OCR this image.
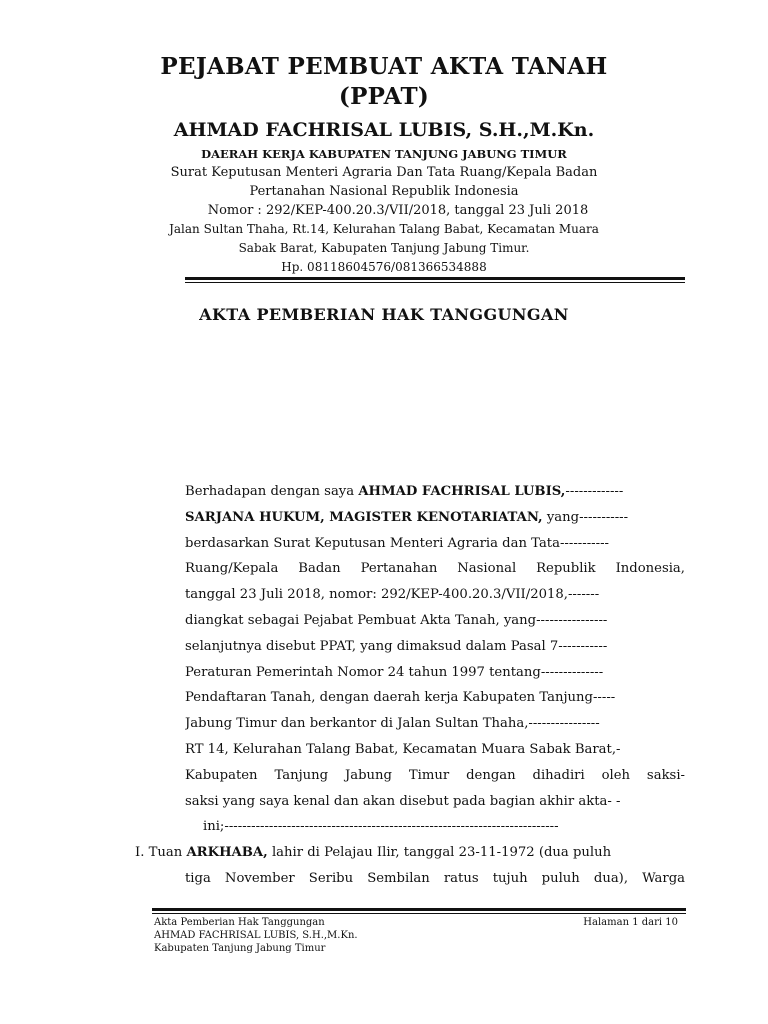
PEJABAT PEMBUAT AKTA TANAH
(PPAT)
AHMAD FACHRISAL LUBIS, S.H.,M.Kn.
DAERAH KERJA KABUPATEN TANJUNG JABUNG TIMUR
Surat Keputusan Menteri Agraria Dan Tata Ruang/Kepala Badan
Pertanahan Nasional Republik Indonesia
Nomor : 292/KEP-400.20.3/VII/2018, tanggal 23 Juli 2018
Jalan Sultan Thaha, Rt.14, Kelurahan Talang Babat, Kecamatan Muara
Sabak Barat, Kabupaten Tanjung Jabung Timur.
Hp. 08118604576/081366534888
AKTA PEMBERIAN HAK TANGGUNGAN
Berhadapan dengan saya AHMAD FACHRISAL LUBIS,-------------
SARJANA HUKUM, MAGISTER KENOTARIATAN, yang-----------
berdasarkan Surat Keputusan Menteri Agraria dan Tata-----------
Ruang/Kepala Badan Pertanahan Nasional Republik Indonesia,
tanggal 23 Juli 2018, nomor: 292/KEP-400.20.3/VII/2018,-------
diangkat sebagai Pejabat Pembuat Akta Tanah, yang----------------
selanjutnya disebut PPAT, yang dimaksud dalam Pasal 7-----------
Peraturan Pemerintah Nomor 24 tahun 1997 tentang--------------
Pendaftaran Tanah, dengan daerah kerja Kabupaten Tanjung-----
Jabung Timur dan berkantor di Jalan Sultan Thaha,----------------
RT 14, Kelurahan Talang Babat, Kecamatan Muara Sabak Barat,-
Kabupaten Tanjung Jabung Timur dengan dihadiri oleh saksi-
saksi yang saya kenal dan akan disebut pada bagian akhir akta- -
ini;---------------------------------------------------------------------------
I. Tuan ARKHABA, lahir di Pelajau Ilir, tanggal 23-11-1972 (dua puluh
tiga November Seribu Sembilan ratus tujuh puluh dua), Warga
Akta Pemberian Hak Tanggungan
AHMAD FACHRISAL LUBIS, S.H.,M.Kn.
Kabupaten Tanjung Jabung Timur
Halaman 1 dari 10
